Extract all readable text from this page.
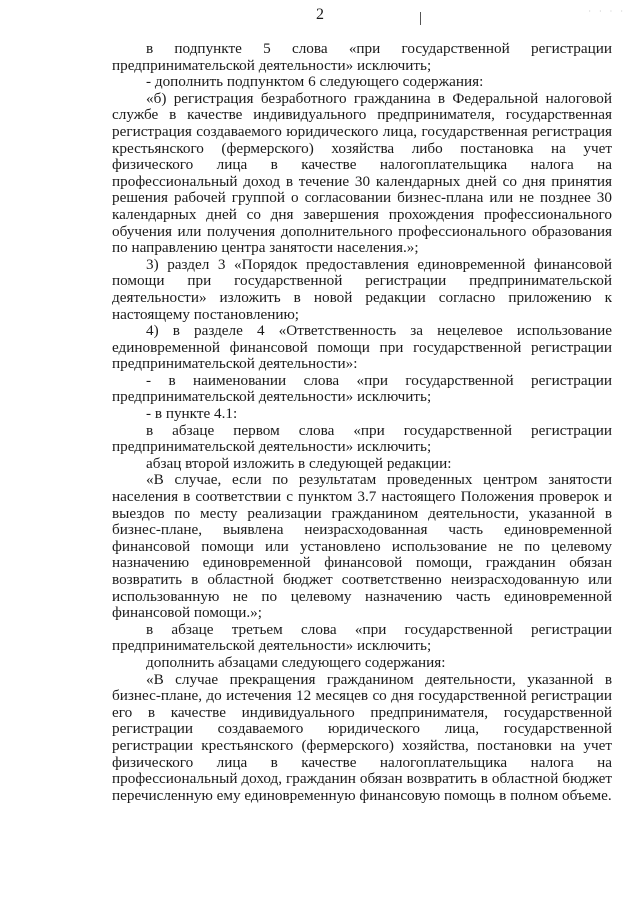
2	· · · ·

в подпункте 5 слова «при государственной регистрации предпринимательской деятельности» исключить;

- дополнить подпунктом 6 следующего содержания:

«б) регистрация безработного гражданина в Федеральной налоговой службе в качестве индивидуального предпринимателя, государственная регистрация создаваемого юридического лица, государственная регистрация крестьянского (фермерского) хозяйства либо постановка на учет физического лица в качестве налогоплательщика налога на профессиональный доход в течение 30 календарных дней со дня принятия решения рабочей группой о согласовании бизнес-плана или не позднее 30 календарных дней со дня завершения прохождения профессионального обучения или получения дополнительного профессионального образования по направлению центра занятости населения.»;

3) раздел 3 «Порядок предоставления единовременной финансовой помощи при государственной регистрации предпринимательской деятельности» изложить в новой редакции согласно приложению к настоящему постановлению;

4) в разделе 4 «Ответственность за нецелевое использование единовременной финансовой помощи при государственной регистрации предпринимательской деятельности»:

- в наименовании слова «при государственной регистрации предпринимательской деятельности» исключить;

- в пункте 4.1:

в абзаце первом слова «при государственной регистрации предпринимательской деятельности» исключить;

абзац второй изложить в следующей редакции:

«В случае, если по результатам проведенных центром занятости населения в соответствии с пунктом 3.7 настоящего Положения проверок и выездов по месту реализации гражданином деятельности, указанной в бизнес-плане, выявлена неизрасходованная часть единовременной финансовой помощи или установлено использование не по целевому назначению единовременной финансовой помощи, гражданин обязан возвратить в областной бюджет соответственно неизрасходованную или использованную не по целевому назначению часть единовременной финансовой помощи.»;

в абзаце третьем слова «при государственной регистрации предпринимательской деятельности» исключить;

дополнить абзацами следующего содержания:

«В случае прекращения гражданином деятельности, указанной в бизнес-плане, до истечения 12 месяцев со дня государственной регистрации его в качестве индивидуального предпринимателя, государственной регистрации создаваемого юридического лица, государственной регистрации крестьянского (фермерского) хозяйства, постановки на учет физического лица в качестве налогоплательщика налога на профессиональный доход, гражданин обязан возвратить в областной бюджет перечисленную ему единовременную финансовую помощь в полном объеме.
